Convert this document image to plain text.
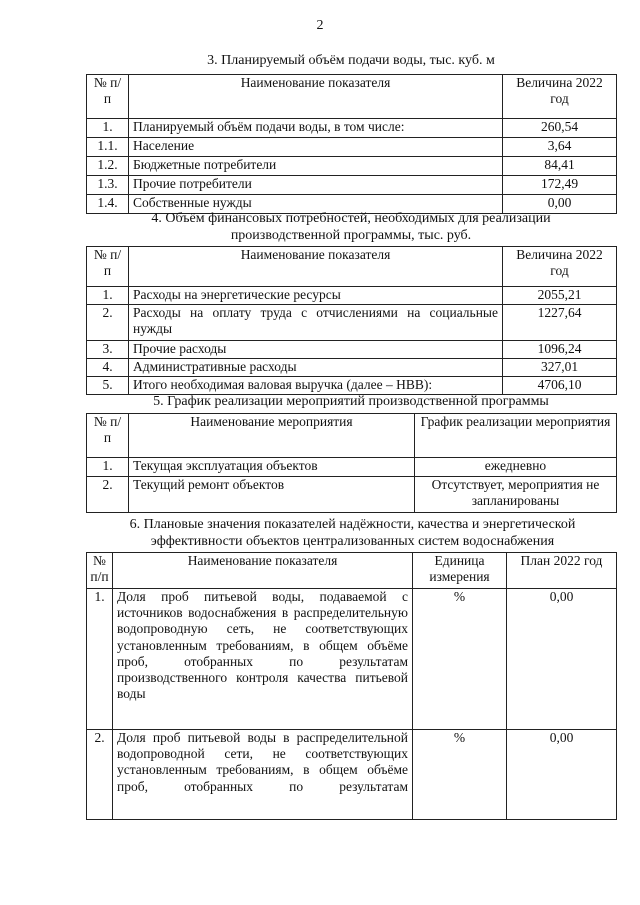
2
3. Планируемый объём подачи воды, тыс. куб. м
№ п/п	Наименование показателя	Величина 2022 год
1.	Планируемый объём подачи воды, в том числе:	260,54
1.1.	Население	3,64
1.2.	Бюджетные потребители	84,41
1.3.	Прочие потребители	172,49
1.4.	Собственные нужды	0,00
4. Объём финансовых потребностей, необходимых для реализации
производственной программы, тыс. руб.
№ п/п	Наименование показателя	Величина 2022 год
1.	Расходы на энергетические ресурсы	2055,21
2.	Расходы на оплату труда с отчислениями на социальные нужды	1227,64
3.	Прочие расходы	1096,24
4.	Административные расходы	327,01
5.	Итого необходимая валовая выручка (далее – НВВ):	4706,10
5. График реализации мероприятий производственной программы
№ п/п	Наименование мероприятия	График реализации мероприятия
1.	Текущая эксплуатация объектов	ежедневно
2.	Текущий ремонт объектов	Отсутствует, мероприятия не запланированы
6. Плановые значения показателей надёжности, качества и энергетической
эффективности объектов централизованных систем водоснабжения
№ п/п	Наименование показателя	Единица измерения	План 2022 год
1.	Доля проб питьевой воды, подаваемой с источников водоснабжения в распределительную водопроводную сеть, не соответствующих установленным требованиям, в общем объёме проб, отобранных по результатам производственного контроля качества питьевой воды	%	0,00
2.	Доля проб питьевой воды в распределительной водопроводной сети, не соответствующих установленным требованиям, в общем объёме проб, отобранных по результатам	%	0,00
